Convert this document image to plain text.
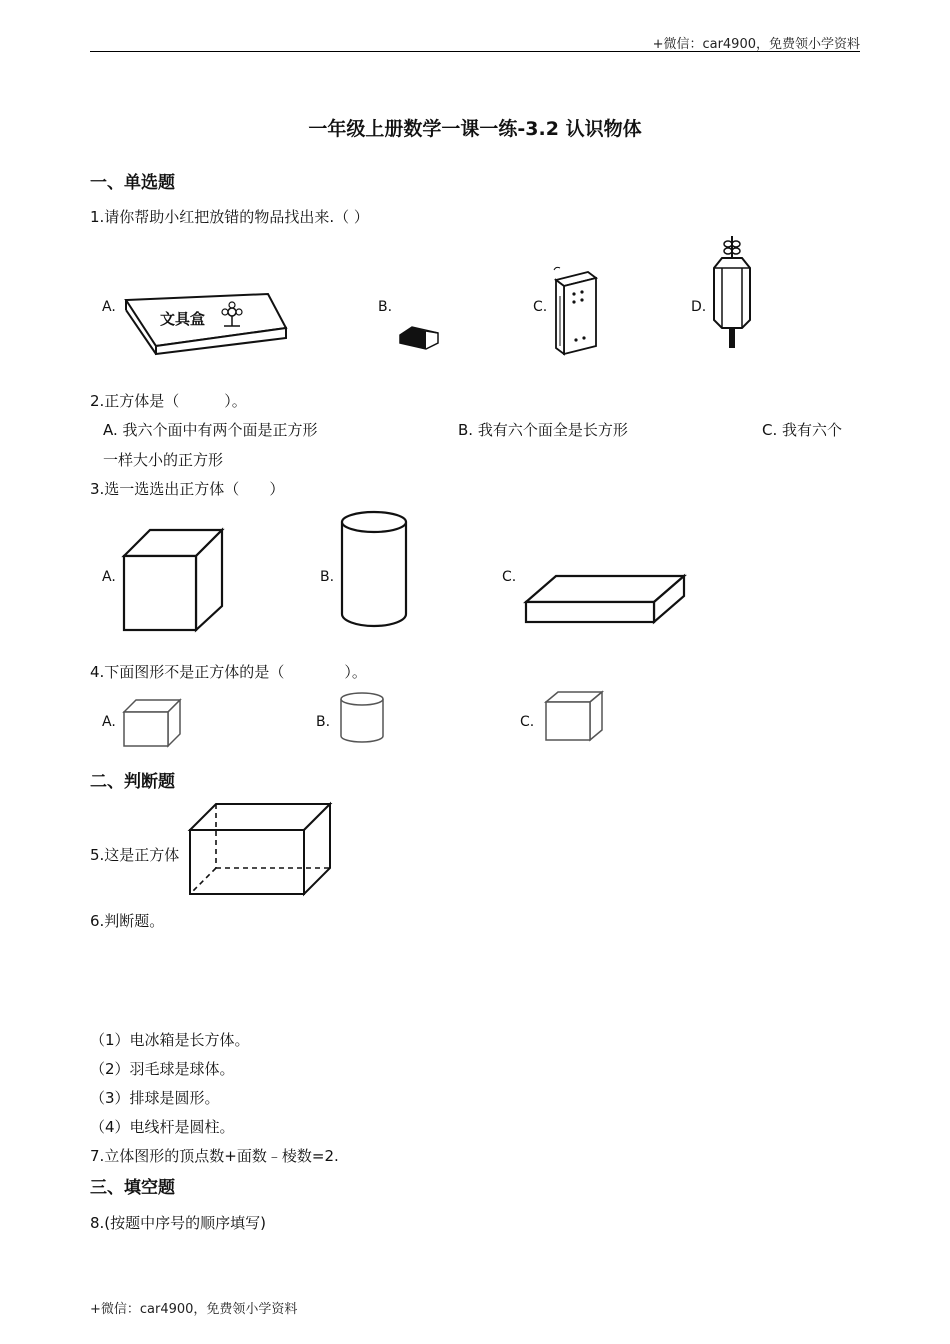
+微信：car4900，免费领小学资料
一年级上册数学一课一练-3.2 认识物体
一、单选题
1.请你帮助小红把放错的物品找出来.（ ）
A.
文具盒
B.	C.	D.
2.正方体是（　　　）。
A. 我六个面中有两个面是正方形	B. 我有六个面全是长方形	C. 我有六个
一样大小的正方形
3.选一选选出正方体（　　）
A.	B.	C.
4.下面图形不是正方体的是（　　　　）。
A.	B.	C.
二、判断题
5.这是正方体
6.判断题。
（1）电冰箱是长方体。
（2）羽毛球是球体。
（3）排球是圆形。
（4）电线杆是圆柱。
7.立体图形的顶点数+面数﹣棱数=2.
三、填空题
8.(按题中序号的顺序填写)
+微信：car4900，免费领小学资料
